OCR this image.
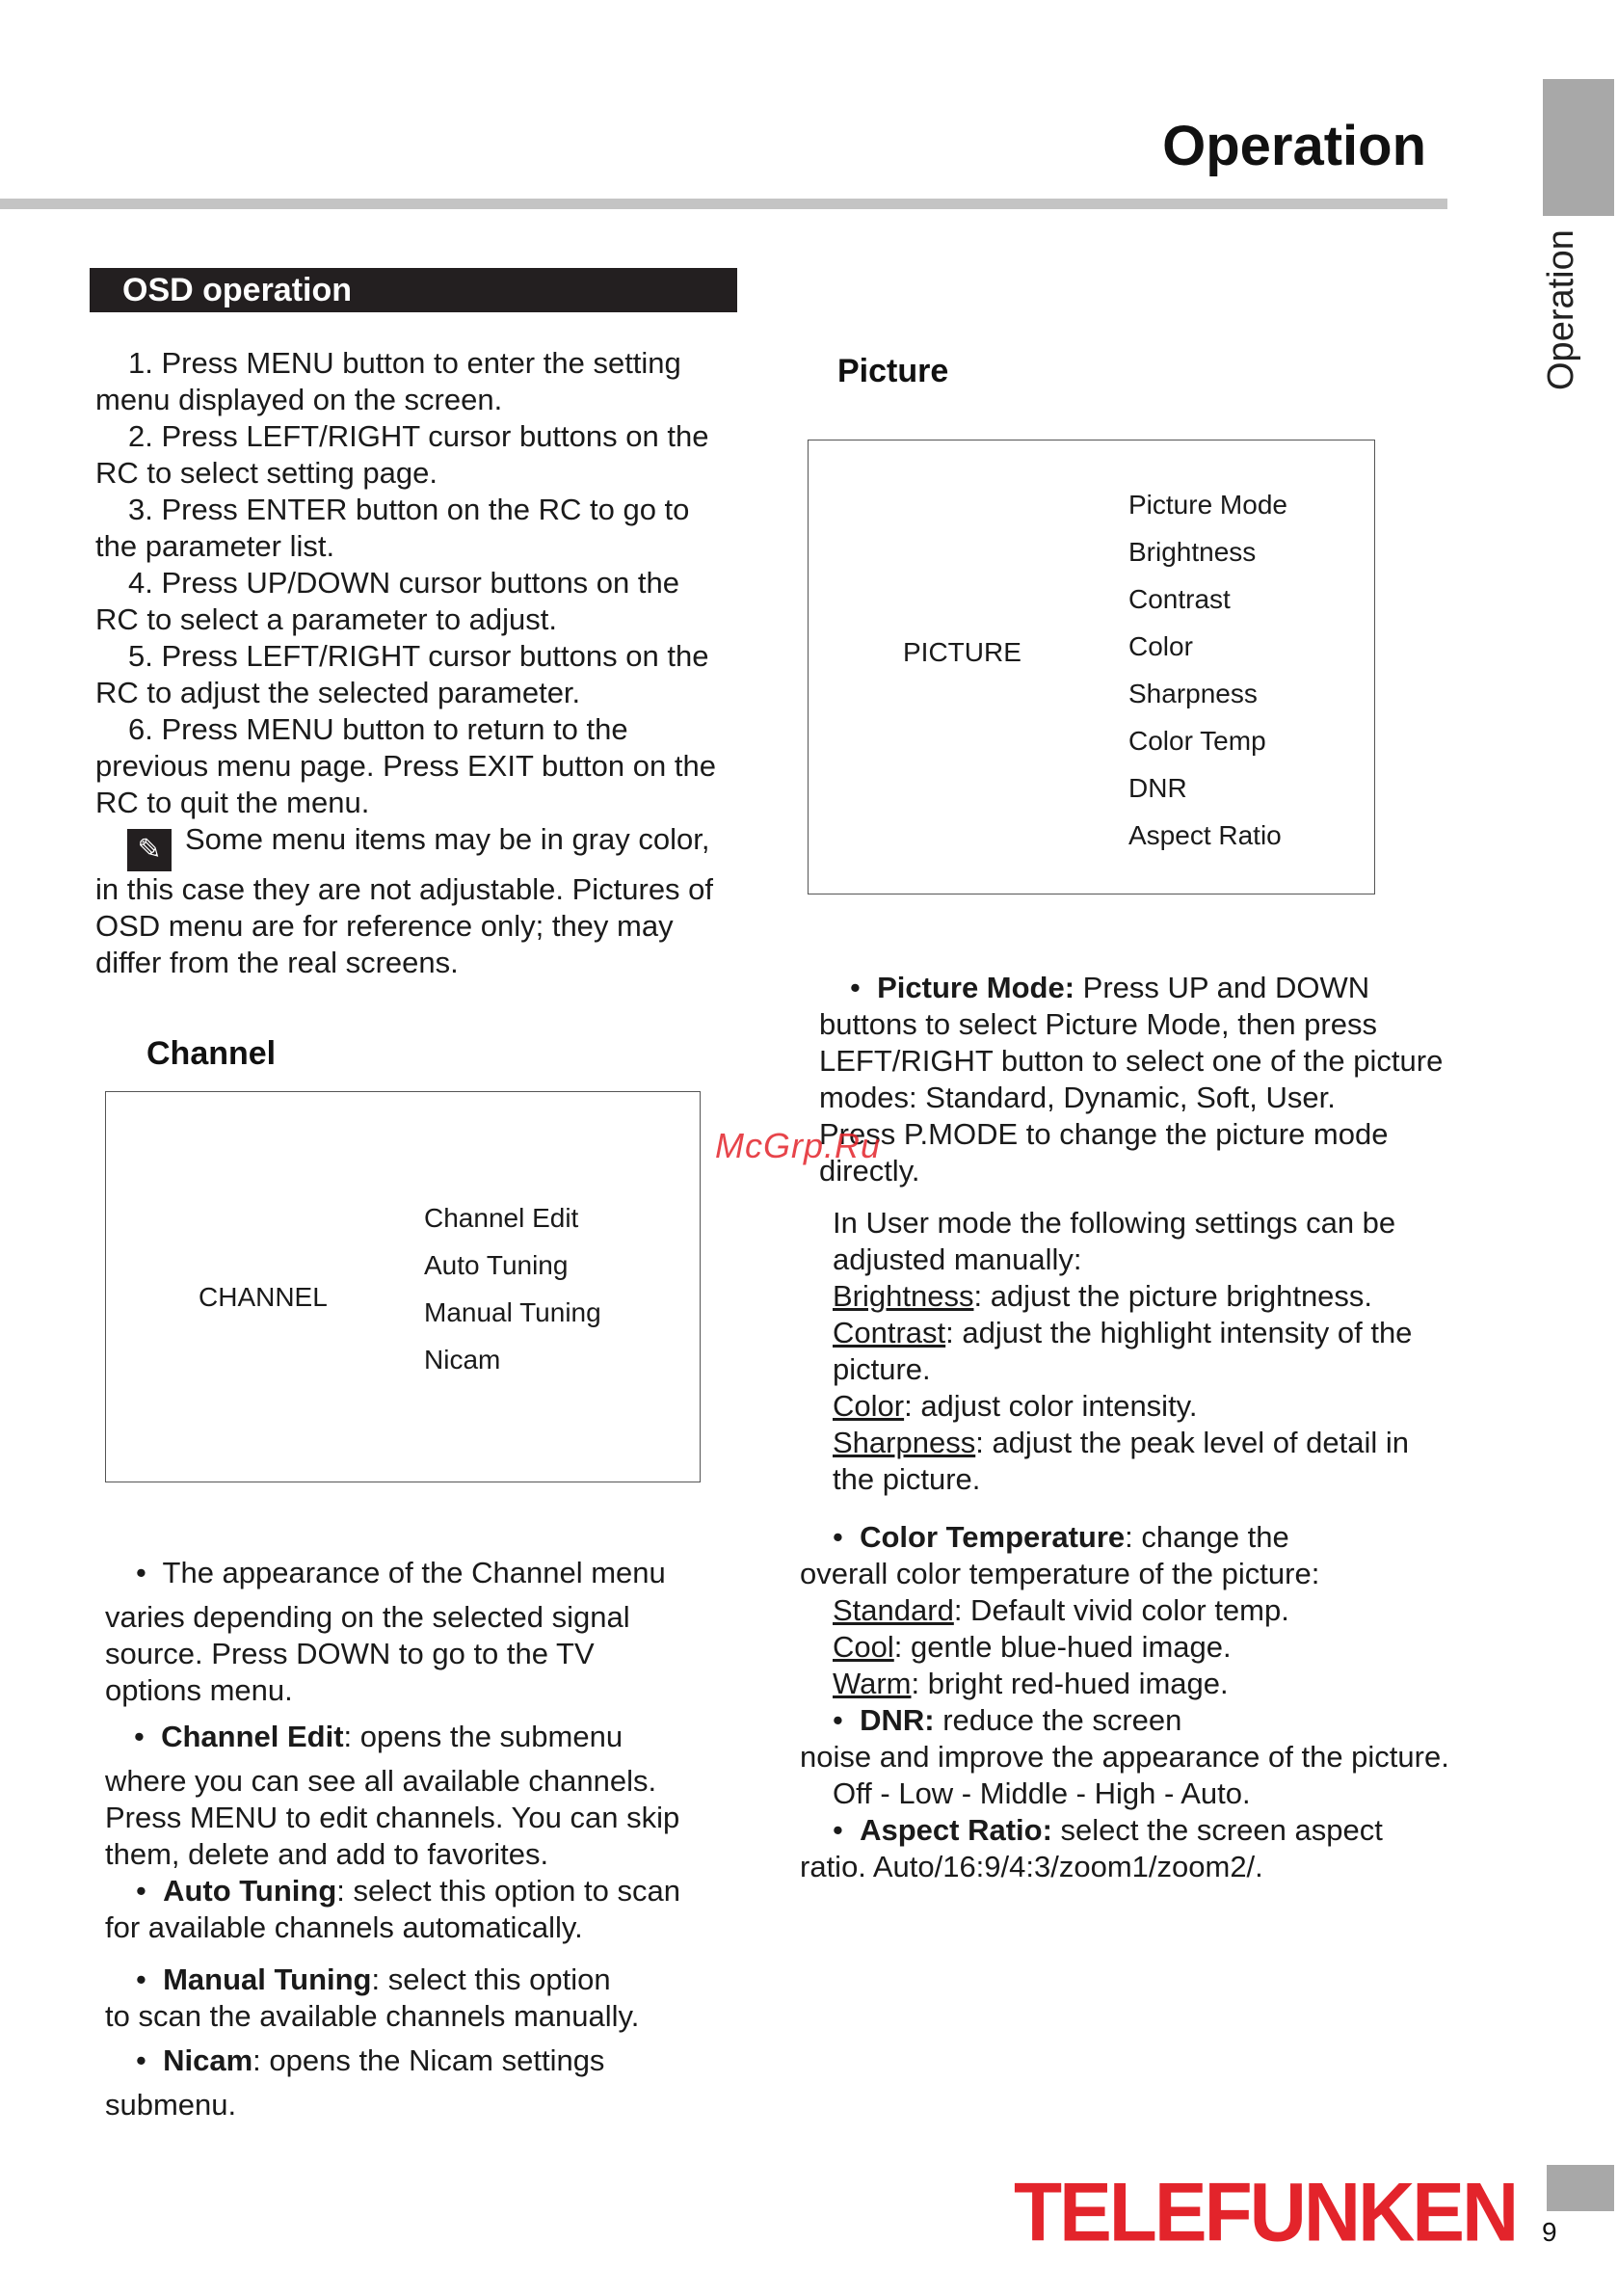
Operation
Operation
OSD operation

1. Press MENU button to enter the setting

menu displayed on the screen.

2. Press LEFT/RIGHT cursor buttons on the

RC to select setting page.

3. Press ENTER button on the RC to go to

the parameter list.

4. Press UP/DOWN cursor buttons on the

RC to select a parameter to adjust.

5. Press LEFT/RIGHT cursor buttons on the

RC to adjust the selected parameter.

6. Press MENU button to return to the

previous menu page. Press EXIT button on the

RC to quit the menu.

✎ Some menu items may be in gray color,

in this case they are not adjustable. Pictures of

OSD menu are for reference only; they may

differ from the real screens.

Channel
CHANNEL
Channel Edit
Auto Tuning
Manual Tuning
Nicam

•  The appearance of the Channel menu

varies depending on the selected signal

source. Press DOWN to go to the TV

options menu.

•  Channel Edit: opens the submenu

where you can see all available channels.

Press MENU to edit channels. You can skip

them, delete and add to favorites.

•  Auto Tuning: select this option to scan

for available channels automatically.

•  Manual Tuning: select this option

to scan the available channels manually.

•  Nicam: opens the Nicam settings

submenu.

Picture
PICTURE
Picture Mode
Brightness
Contrast
Color
Sharpness
Color Temp
DNR
Aspect Ratio

•  Picture Mode: Press UP and DOWN

buttons to select Picture Mode, then press

LEFT/RIGHT button to select one of the picture

modes: Standard, Dynamic, Soft, User.

Press P.MODE to change the picture mode

directly.

In User mode the following settings can be

adjusted manually:

Brightness: adjust the picture brightness.

Contrast: adjust the highlight intensity of the

picture.

Color: adjust color intensity.

Sharpness: adjust the peak level of detail in

the picture.

•  Color Temperature: change the

overall color temperature of the picture:

Standard: Default vivid color temp.

Cool: gentle blue-hued image.

Warm: bright red-hued image.

•  DNR: reduce the screen

noise and improve the appearance of the picture.

Off - Low - Middle - High - Auto.

•  Aspect Ratio: select the screen aspect

ratio. Auto/16:9/4:3/zoom1/zoom2/.

McGrp.Ru
TELEFUNKEN 9
